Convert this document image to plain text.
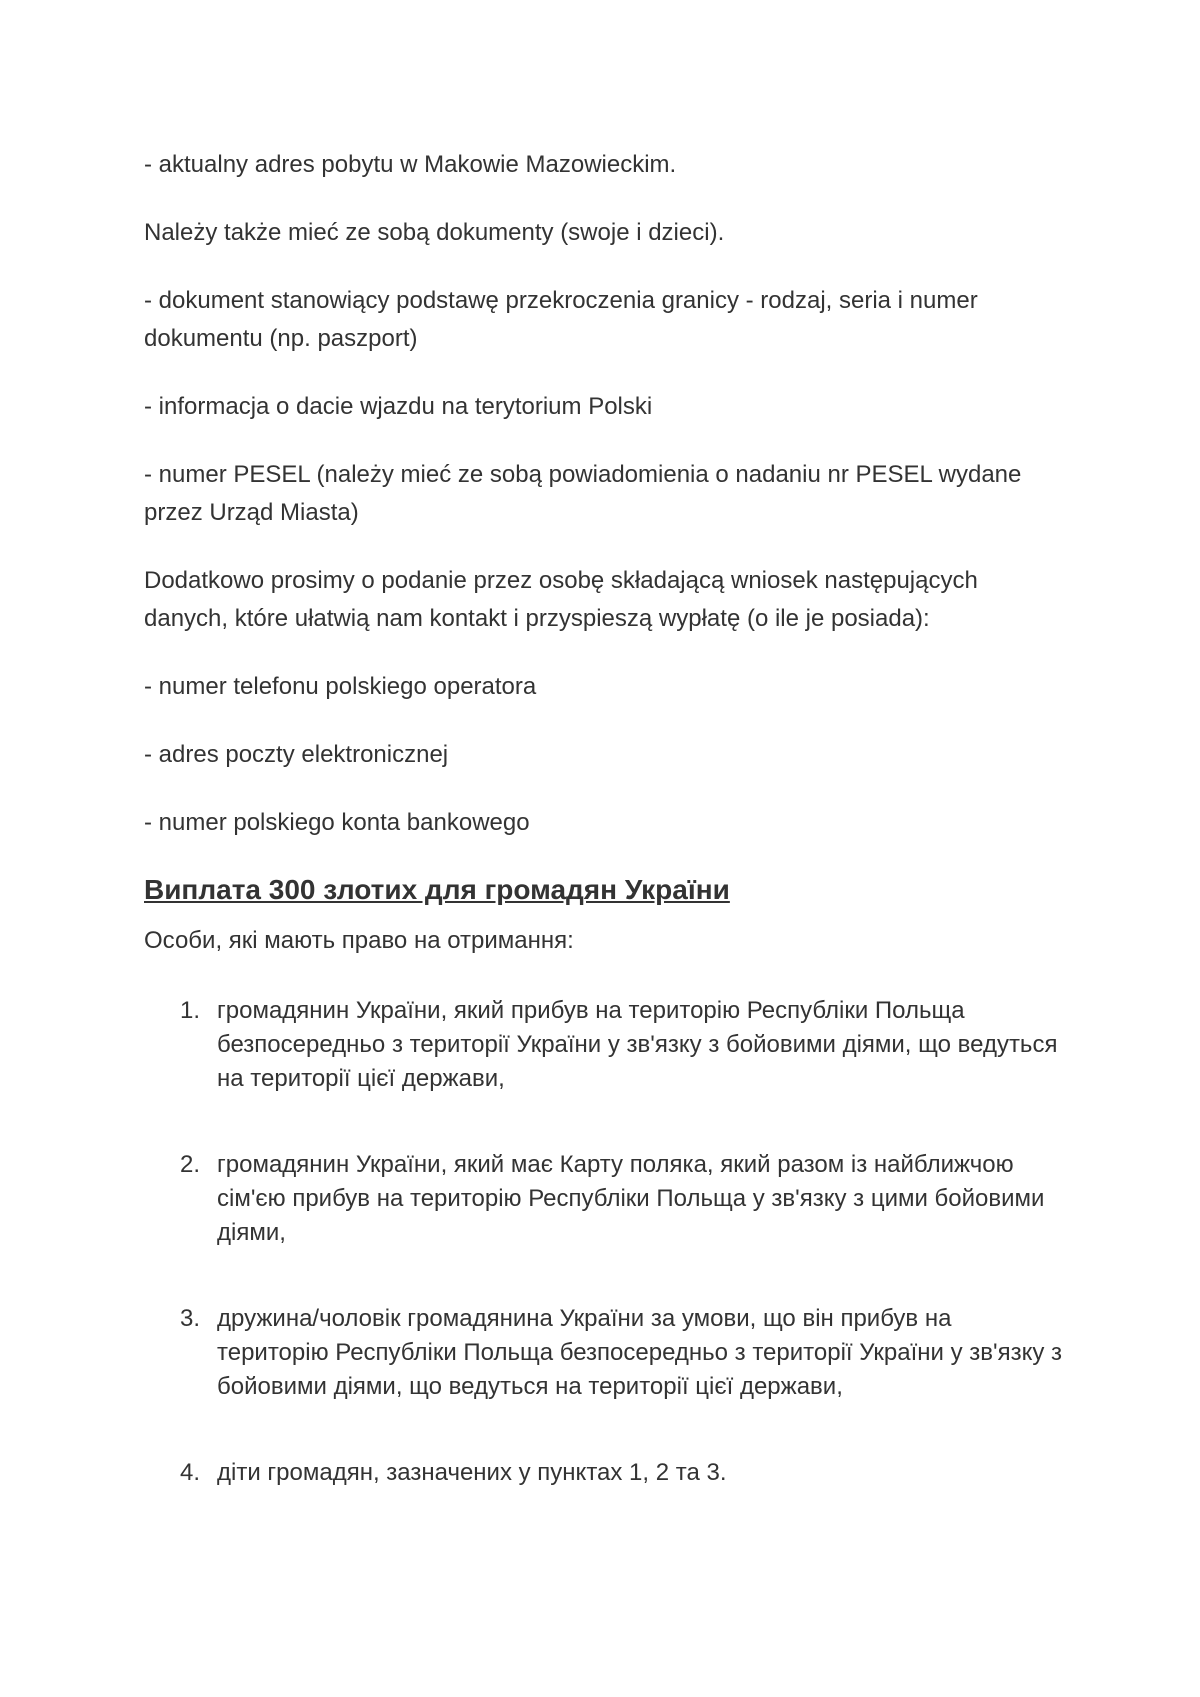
- aktualny adres pobytu w Makowie Mazowieckim.

Należy także mieć ze sobą dokumenty (swoje i dzieci).

- dokument stanowiący podstawę przekroczenia granicy - rodzaj, seria i numer dokumentu (np. paszport)

- informacja o dacie wjazdu na terytorium Polski

- numer PESEL (należy mieć ze sobą powiadomienia o nadaniu nr PESEL wydane przez Urząd Miasta)

Dodatkowo prosimy o podanie przez osobę składającą wniosek następujących danych, które ułatwią nam kontakt i przyspieszą wypłatę (o ile je posiada):

- numer telefonu polskiego operatora

- adres poczty elektronicznej

- numer polskiego konta bankowego

Виплата 300 злотих для громадян України

Особи, які мають право на отримання:

1. громадянин України, який прибув на територію Республіки Польща безпосередньо з території України у зв'язку з бойовими діями, що ведуться на території цієї держави,
2. громадянин України, який має Карту поляка, який разом із найближчою сім'єю прибув на територію Республіки Польща у зв'язку з цими бойовими діями,
3. дружина/чоловік громадянина України за умови, що він прибув на територію Республіки Польща безпосередньо з території України у зв'язку з бойовими діями, що ведуться на території цієї держави,
4. діти громадян, зазначених у пунктах 1, 2 та 3.
